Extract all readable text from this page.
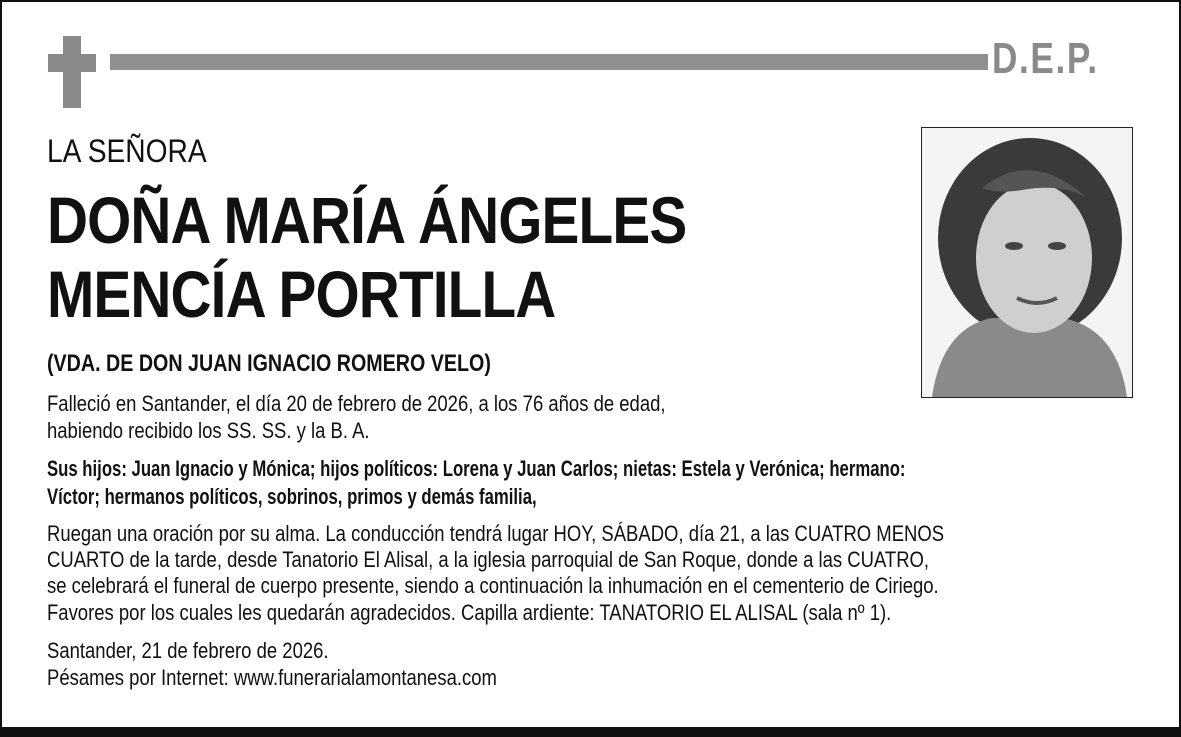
D.E.P.
LA SEÑORA
DOÑA MARÍA ÁNGELES
MENCÍA PORTILLA
(VDA. DE DON JUAN IGNACIO ROMERO VELO)
Falleció en Santander, el día 20 de febrero de 2026, a los 76 años de edad,
habiendo recibido los SS. SS. y la B. A.
Sus hijos: Juan Ignacio y Mónica; hijos políticos: Lorena y Juan Carlos; nietas: Estela y Verónica; hermano:
Víctor; hermanos políticos, sobrinos, primos y demás familia,
Ruegan una oración por su alma. La conducción tendrá lugar HOY, SÁBADO, día 21, a las CUATRO MENOS
CUARTO de la tarde, desde Tanatorio El Alisal, a la iglesia parroquial de San Roque, donde a las CUATRO,
se celebrará el funeral de cuerpo presente, siendo a continuación la inhumación en el cementerio de Ciriego.
Favores por los cuales les quedarán agradecidos. Capilla ardiente: TANATORIO EL ALISAL (sala nº 1).
Santander, 21 de febrero de 2026.
Pésames por Internet: www.funerarialamontanesa.com
